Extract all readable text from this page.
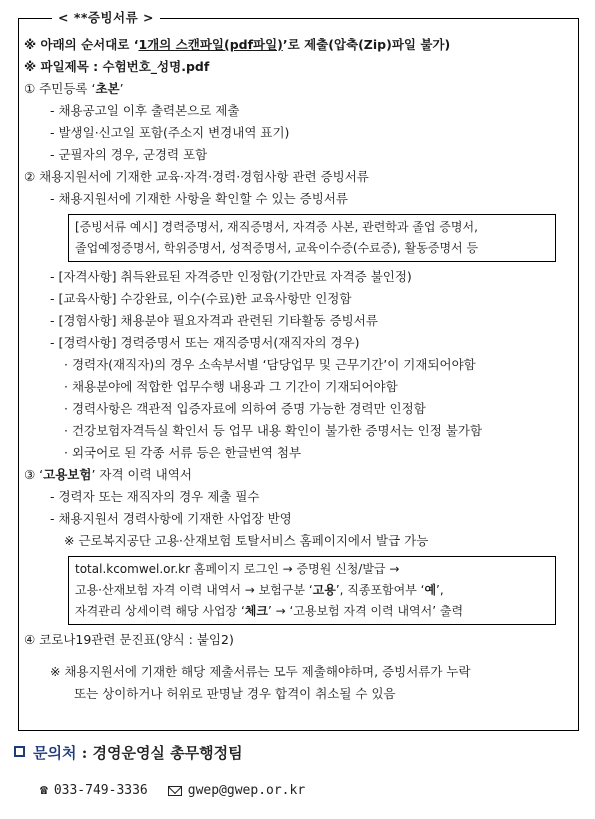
< **증빙서류 >
※ 아래의 순서대로 ‘1개의 스캔파일(pdf파일)’로 제출(압축(Zip)파일 불가)
※ 파일제목 : 수험번호_성명.pdf
① 주민등록 ‘초본’
- 채용공고일 이후 출력본으로 제출
- 발생일·신고일 포함(주소지 변경내역 표기)
- 군필자의 경우, 군경력 포함
② 채용지원서에 기재한 교육·자격·경력·경험사항 관련 증빙서류
- 채용지원서에 기재한 사항을 확인할 수 있는 증빙서류
[증빙서류 예시] 경력증명서, 재직증명서, 자격증 사본, 관련학과 졸업 증명서,
졸업예정증명서, 학위증명서, 성적증명서, 교육이수증(수료증), 활동증명서 등
- [자격사항] 취득완료된 자격증만 인정함(기간만료 자격증 불인정)
- [교육사항] 수강완료, 이수(수료)한 교육사항만 인정함
- [경험사항] 채용분야 필요자격과 관련된 기타활동 증빙서류
- [경력사항] 경력증명서 또는 재직증명서(재직자의 경우)
· 경력자(재직자)의 경우 소속부서별 ‘담당업무 및 근무기간’이 기재되어야함
· 채용분야에 적합한 업무수행 내용과 그 기간이 기재되어야함
· 경력사항은 객관적 입증자료에 의하여 증명 가능한 경력만 인정함
· 건강보험자격득실 확인서 등 업무 내용 확인이 불가한 증명서는 인정 불가함
· 외국어로 된 각종 서류 등은 한글번역 첨부
③ ‘고용보험’ 자격 이력 내역서
- 경력자 또는 재직자의 경우 제출 필수
- 채용지원서 경력사항에 기재한 사업장 반영
※ 근로복지공단 고용·산재보험 토탈서비스 홈페이지에서 발급 가능
total.kcomwel.or.kr 홈페이지 로그인 → 증명원 신청/발급 →
고용·산재보험 자격 이력 내역서 → 보험구분 ‘고용’, 직종포함여부 ‘예’,
자격관리 상세이력 해당 사업장 ‘체크’ → ‘고용보험 자격 이력 내역서’ 출력
④ 코로나19관련 문진표(양식 : 붙임2)
※ 채용지원서에 기재한 해당 제출서류는 모두 제출해야하며, 증빙서류가 누락
또는 상이하거나 허위로 판명날 경우 합격이 취소될 수 있음
문의처 : 경영운영실 총무행정팀
☎ 033-749-3336	gwep@gwep.or.kr
